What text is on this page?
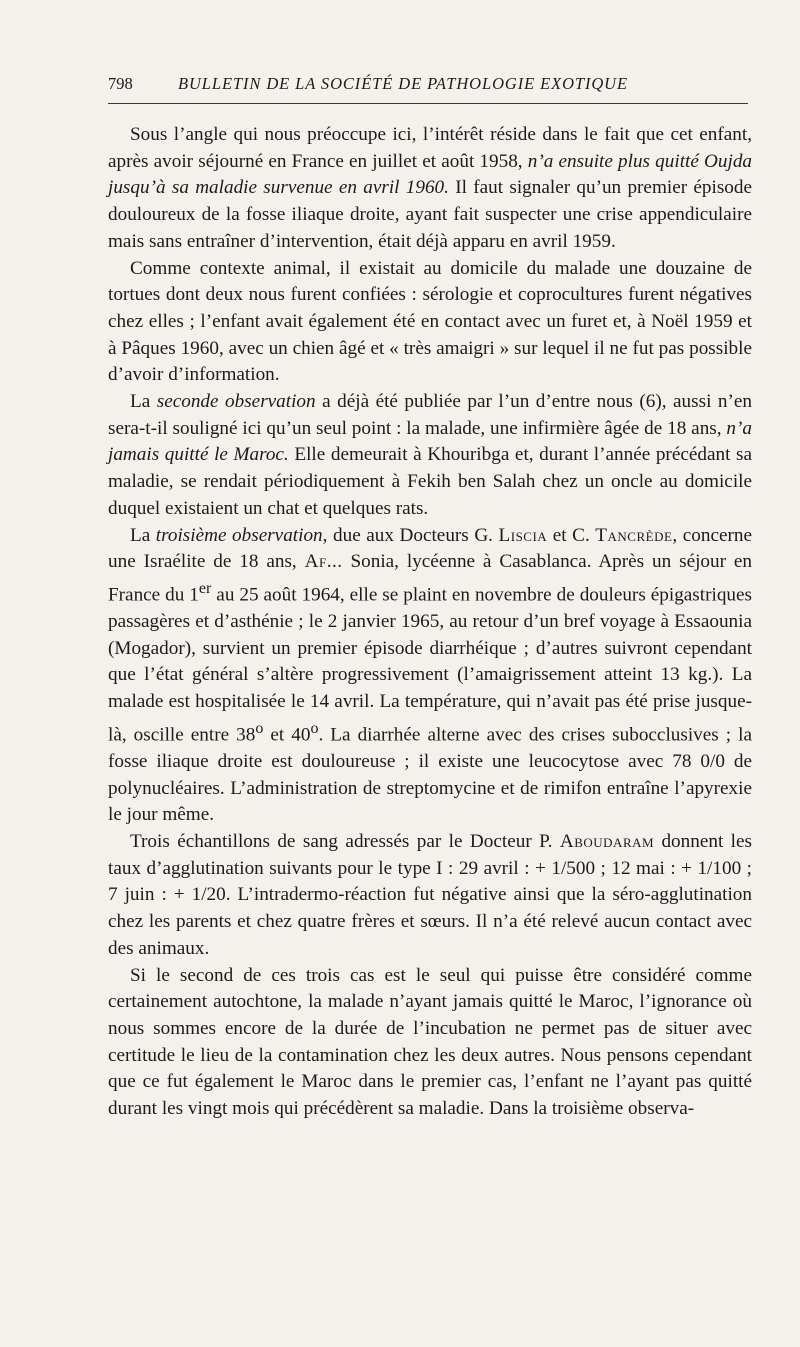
798	BULLETIN DE LA SOCIÉTÉ DE PATHOLOGIE EXOTIQUE

Sous l’angle qui nous préoccupe ici, l’intérêt réside dans le fait que cet enfant, après avoir séjourné en France en juillet et août 1958, n’a ensuite plus quitté Oujda jusqu’à sa maladie survenue en avril 1960. Il faut signaler qu’un premier épisode douloureux de la fosse iliaque droite, ayant fait suspecter une crise appendiculaire mais sans entraîner d’intervention, était déjà apparu en avril 1959.

Comme contexte animal, il existait au domicile du malade une douzaine de tortues dont deux nous furent confiées : sérologie et coprocultures furent négatives chez elles ; l’enfant avait également été en contact avec un furet et, à Noël 1959 et à Pâques 1960, avec un chien âgé et « très amaigri » sur lequel il ne fut pas possible d’avoir d’information.

La seconde observation a déjà été publiée par l’un d’entre nous (6), aussi n’en sera-t-il souligné ici qu’un seul point : la malade, une infirmière âgée de 18 ans, n’a jamais quitté le Maroc. Elle demeurait à Khouribga et, durant l’année précédant sa maladie, se rendait périodiquement à Fekih ben Salah chez un oncle au domicile duquel existaient un chat et quelques rats.

La troisième observation, due aux Docteurs G. Liscia et C. Tancrède, concerne une Israélite de 18 ans, Af... Sonia, lycéenne à Casablanca. Après un séjour en France du 1er au 25 août 1964, elle se plaint en novembre de douleurs épigastriques passagères et d’asthénie ; le 2 janvier 1965, au retour d’un bref voyage à Essaounia (Mogador), survient un premier épisode diarrhéique ; d’autres suivront cependant que l’état général s’altère progressivement (l’amaigrissement atteint 13 kg.). La malade est hospitalisée le 14 avril. La température, qui n’avait pas été prise jusque-là, oscille entre 38$^o$ et 40$^o$. La diarrhée alterne avec des crises subocclusives ; la fosse iliaque droite est douloureuse ; il existe une leucocytose avec 78 0/0 de polynucléaires. L’administration de streptomycine et de rimifon entraîne l’apyrexie le jour même.

Trois échantillons de sang adressés par le Docteur P. Aboudaram donnent les taux d’agglutination suivants pour le type I : 29 avril : + 1/500 ; 12 mai : + 1/100 ; 7 juin : + 1/20. L’intradermo-réaction fut négative ainsi que la séro-agglutination chez les parents et chez quatre frères et sœurs. Il n’a été relevé aucun contact avec des animaux.

Si le second de ces trois cas est le seul qui puisse être considéré comme certainement autochtone, la malade n’ayant jamais quitté le Maroc, l’ignorance où nous sommes encore de la durée de l’incubation ne permet pas de situer avec certitude le lieu de la contamination chez les deux autres. Nous pensons cependant que ce fut également le Maroc dans le premier cas, l’enfant ne l’ayant pas quitté durant les vingt mois qui précédèrent sa maladie. Dans la troisième observa-
